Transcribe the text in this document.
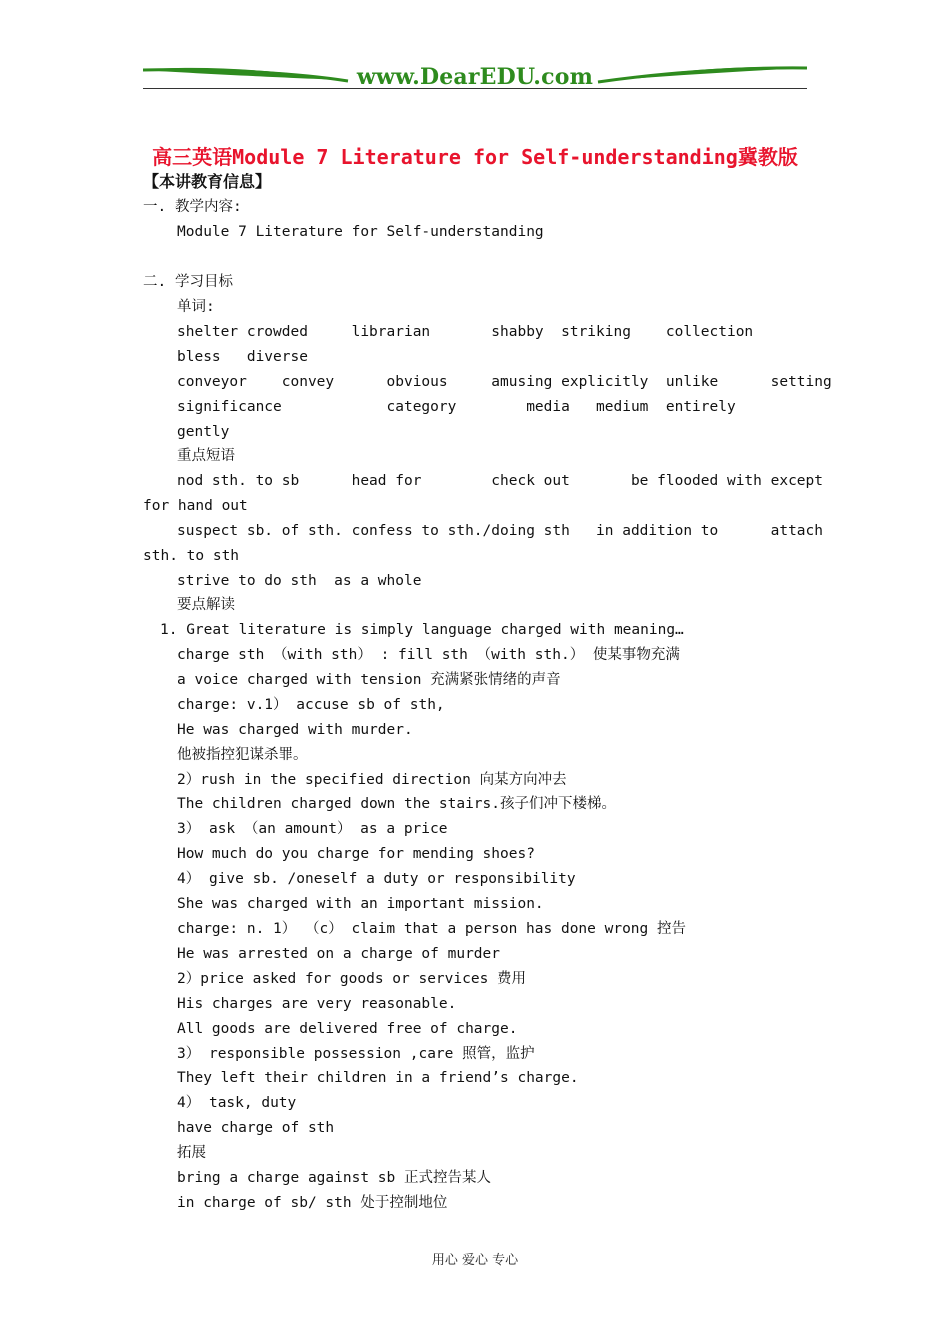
www.DearEDU.com
高三英语Module 7 Literature for Self-understanding冀教版
【本讲教育信息】
一. 教学内容:
Module 7 Literature for Self-understanding
二. 学习目标
单词:
shelter crowded     librarian       shabby  striking    collection
bless   diverse
conveyor    convey      obvious     amusing explicitly  unlike      setting
significance            category        media   medium  entirely
gently
重点短语
nod sth. to sb      head for        check out       be flooded with except
for hand out
suspect sb. of sth. confess to sth./doing sth   in addition to      attach
sth. to sth
strive to do sth  as a whole
要点解读
1. Great literature is simply language charged with meaning…
charge sth （with sth） : fill sth （with sth.） 使某事物充满
a voice charged with tension 充满紧张情绪的声音
charge: v.1） accuse sb of sth,
He was charged with murder.
他被指控犯谋杀罪。
2）rush in the specified direction 向某方向冲去
The children charged down the stairs.孩子们冲下楼梯。
3） ask （an amount） as a price
How much do you charge for mending shoes?
4） give sb. /oneself a duty or responsibility
She was charged with an important mission.
charge: n. 1） （c） claim that a person has done wrong 控告
He was arrested on a charge of murder
2）price asked for goods or services 费用
His charges are very reasonable.
All goods are delivered free of charge.
3） responsible possession ,care 照管，监护
They left their children in a friend’s charge.
4） task, duty
have charge of sth
拓展
bring a charge against sb 正式控告某人
in charge of sb/ sth 处于控制地位
用心 爱心 专心
